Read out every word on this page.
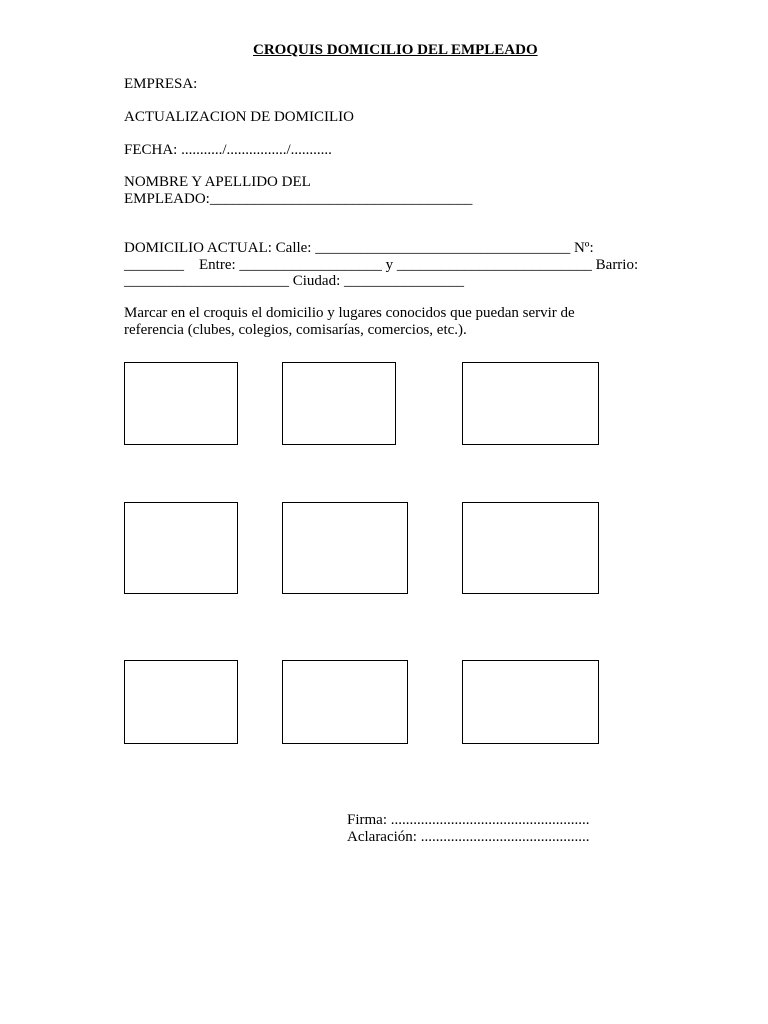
CROQUIS DOMICILIO DEL EMPLEADO
EMPRESA:
ACTUALIZACION DE DOMICILIO
FECHA: .........../................/...........
NOMBRE Y APELLIDO DEL
EMPLEADO:___________________________________
DOMICILIO ACTUAL: Calle: __________________________________ Nº:
________    Entre: ___________________ y __________________________ Barrio:
______________________ Ciudad: ________________
Marcar en el croquis el domicilio y lugares conocidos que puedan servir de
referencia (clubes, colegios, comisarías, comercios, etc.).
Firma: .....................................................
Aclaración: .............................................
